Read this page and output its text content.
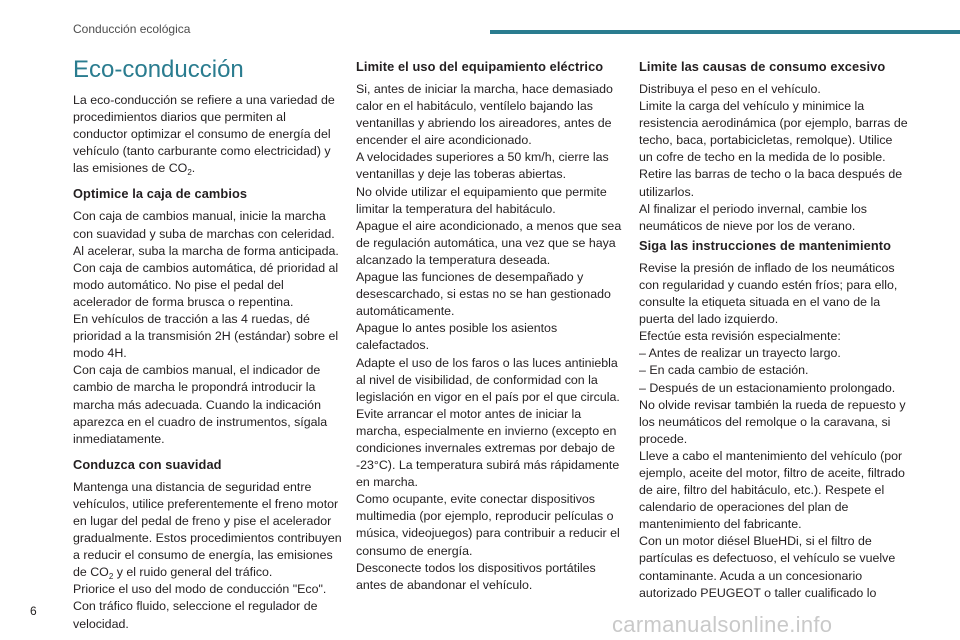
Conducción ecológica
Eco-conducción

La eco-conducción se refiere a una variedad de procedimientos diarios que permiten al conductor optimizar el consumo de energía del vehículo (tanto carburante como electricidad) y las emisiones de $CO_2$.

Optimice la caja de cambios

Con caja de cambios manual, inicie la marcha con suavidad y suba de marchas con celeridad. Al acelerar, suba la marcha de forma anticipada.

Con caja de cambios automática, dé prioridad al modo automático. No pise el pedal del acelerador de forma brusca o repentina.

En vehículos de tracción a las 4 ruedas, dé prioridad a la transmisión 2H (estándar) sobre el modo 4H.

Con caja de cambios manual, el indicador de cambio de marcha le propondrá introducir la marcha más adecuada. Cuando la indicación aparezca en el cuadro de instrumentos, sígala inmediatamente.

Conduzca con suavidad

Mantenga una distancia de seguridad entre vehículos, utilice preferentemente el freno motor en lugar del pedal de freno y pise el acelerador gradualmente. Estos procedimientos contribuyen a reducir el consumo de energía, las emisiones de $CO_2$ y el ruido general del tráfico.

Priorice el uso del modo de conducción "Eco".

Con tráfico fluido, seleccione el regulador de velocidad.

Limite el uso del equipamiento eléctrico

Si, antes de iniciar la marcha, hace demasiado calor en el habitáculo, ventílelo bajando las ventanillas y abriendo los aireadores, antes de encender el aire acondicionado.

A velocidades superiores a 50 km/h, cierre las ventanillas y deje las toberas abiertas.

No olvide utilizar el equipamiento que permite limitar la temperatura del habitáculo.

Apague el aire acondicionado, a menos que sea de regulación automática, una vez que se haya alcanzado la temperatura deseada.

Apague las funciones de desempañado y desescarchado, si estas no se han gestionado automáticamente.

Apague lo antes posible los asientos calefactados.

Adapte el uso de los faros o las luces antiniebla al nivel de visibilidad, de conformidad con la legislación en vigor en el país por el que circula.

Evite arrancar el motor antes de iniciar la marcha, especialmente en invierno (excepto en condiciones invernales extremas por debajo de -23°C). La temperatura subirá más rápidamente en marcha.

Como ocupante, evite conectar dispositivos multimedia (por ejemplo, reproducir películas o música, videojuegos) para contribuir a reducir el consumo de energía.

Desconecte todos los dispositivos portátiles antes de abandonar el vehículo.

Limite las causas de consumo excesivo

Distribuya el peso en el vehículo.

Limite la carga del vehículo y minimice la resistencia aerodinámica (por ejemplo, barras de techo, baca, portabicicletas, remolque). Utilice un cofre de techo en la medida de lo posible.

Retire las barras de techo o la baca después de utilizarlos.

Al finalizar el periodo invernal, cambie los neumáticos de nieve por los de verano.

Siga las instrucciones de mantenimiento

Revise la presión de inflado de los neumáticos con regularidad y cuando estén fríos; para ello, consulte la etiqueta situada en el vano de la puerta del lado izquierdo.

Efectúe esta revisión especialmente:

– Antes de realizar un trayecto largo.

– En cada cambio de estación.

– Después de un estacionamiento prolongado.

No olvide revisar también la rueda de repuesto y los neumáticos del remolque o la caravana, si procede.

Lleve a cabo el mantenimiento del vehículo (por ejemplo, aceite del motor, filtro de aceite, filtrado de aire, filtro del habitáculo, etc.). Respete el calendario de operaciones del plan de mantenimiento del fabricante.

Con un motor diésel BlueHDi, si el filtro de partículas es defectuoso, el vehículo se vuelve contaminante. Acuda a un concesionario autorizado PEUGEOT o taller cualificado lo

6
carmanualsonline.info
